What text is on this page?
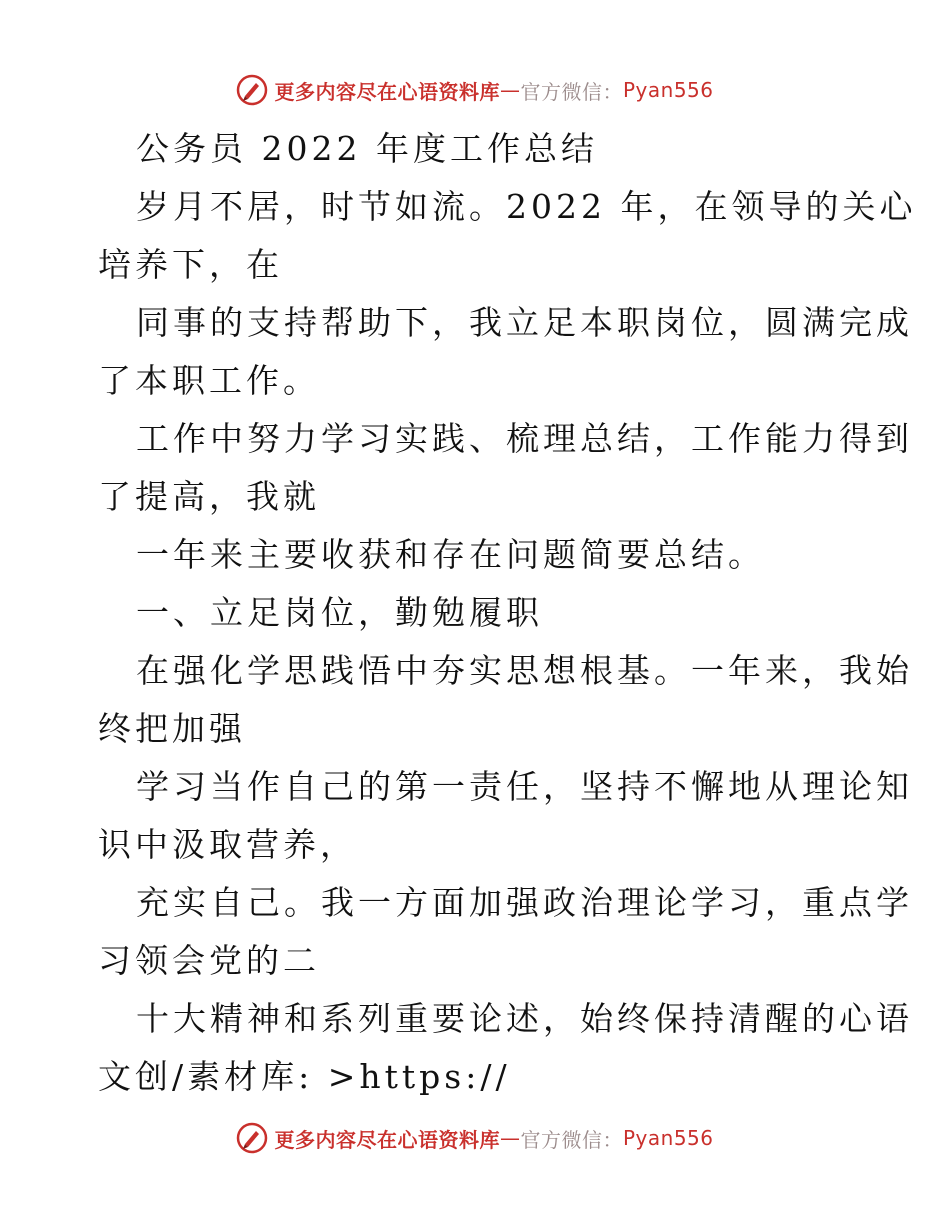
更多内容尽在心语资料库 — 官方微信： Pyan556
公务员 2022 年度工作总结
岁月不居，时节如流。2022 年，在领导的关心
培养下，在
同事的支持帮助下，我立足本职岗位，圆满完成
了本职工作。
工作中努力学习实践、梳理总结，工作能力得到
了提高，我就
一年来主要收获和存在问题简要总结。
一、立足岗位，勤勉履职
在强化学思践悟中夯实思想根基。一年来，我始
终把加强
学习当作自己的第一责任，坚持不懈地从理论知
识中汲取营养，
充实自己。我一方面加强政治理论学习，重点学
习领会党的二
十大精神和系列重要论述，始终保持清醒的心语
文创/素材库: >https://
更多内容尽在心语资料库 — 官方微信： Pyan556
